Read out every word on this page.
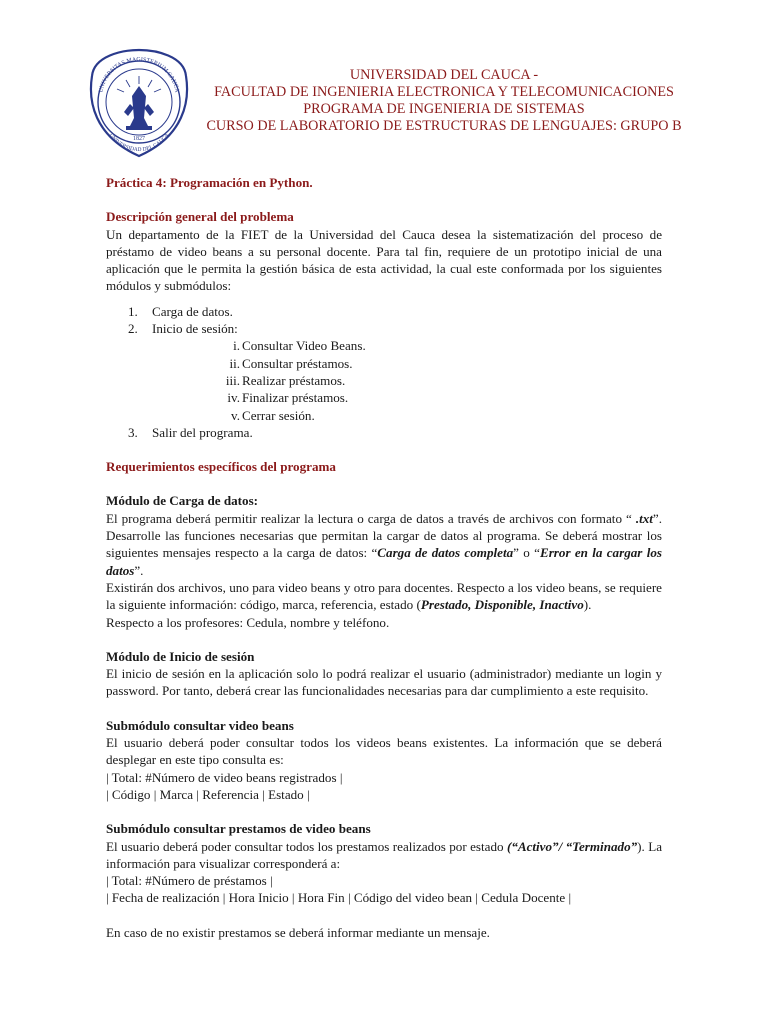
UNIVERSITAS MAGISTERIUM CAUCA
UNIVERSIDAD DEL CAUCA
1827
UNIVERSIDAD DEL CAUCA -
FACULTAD DE INGENIERIA ELECTRONICA Y TELECOMUNICACIONES
PROGRAMA DE INGENIERIA DE SISTEMAS
CURSO DE LABORATORIO DE ESTRUCTURAS DE LENGUAJES: GRUPO B
Práctica 4: Programación en Python.
Descripción general del problema
Un departamento de la FIET de la Universidad del Cauca desea la sistematización del proceso de préstamo de video beans a su personal docente. Para tal fin, requiere de un prototipo inicial de una aplicación que le permita la gestión básica de esta actividad, la cual este conformada por los siguientes módulos y submódulos:
1. Carga de datos.
2. Inicio de sesión:
i. Consultar Video Beans.
ii. Consultar préstamos.
iii. Realizar préstamos.
iv. Finalizar préstamos.
v. Cerrar sesión.
3. Salir del programa.
Requerimientos específicos del programa
Módulo de Carga de datos:
El programa deberá permitir realizar la lectura o carga de datos a través de archivos con formato “ .txt”. Desarrolle las funciones necesarias que permitan la cargar de datos al programa. Se deberá mostrar los siguientes mensajes respecto a la carga de datos: “Carga de datos completa” o “Error en la cargar los datos”.
Existirán dos archivos, uno para video beans y otro para docentes. Respecto a los video beans, se requiere la siguiente información: código, marca, referencia, estado (Prestado, Disponible, Inactivo).
Respecto a los profesores: Cedula, nombre y teléfono.
Módulo de Inicio de sesión
El inicio de sesión en la aplicación solo lo podrá realizar el usuario (administrador) mediante un login y password. Por tanto, deberá crear las funcionalidades necesarias para dar cumplimiento a este requisito.
Submódulo consultar video beans
El usuario deberá poder consultar todos los videos beans existentes. La información que se deberá desplegar en este tipo consulta es:
| Total: #Número de video beans registrados |
| Código | Marca | Referencia | Estado |
Submódulo consultar prestamos de video beans
El usuario deberá poder consultar todos los prestamos realizados por estado (“Activo”/ “Terminado”). La información para visualizar corresponderá a:
| Total: #Número de préstamos |
| Fecha de realización | Hora Inicio | Hora Fin | Código del video bean | Cedula Docente |
En caso de no existir prestamos se deberá informar mediante un mensaje.
